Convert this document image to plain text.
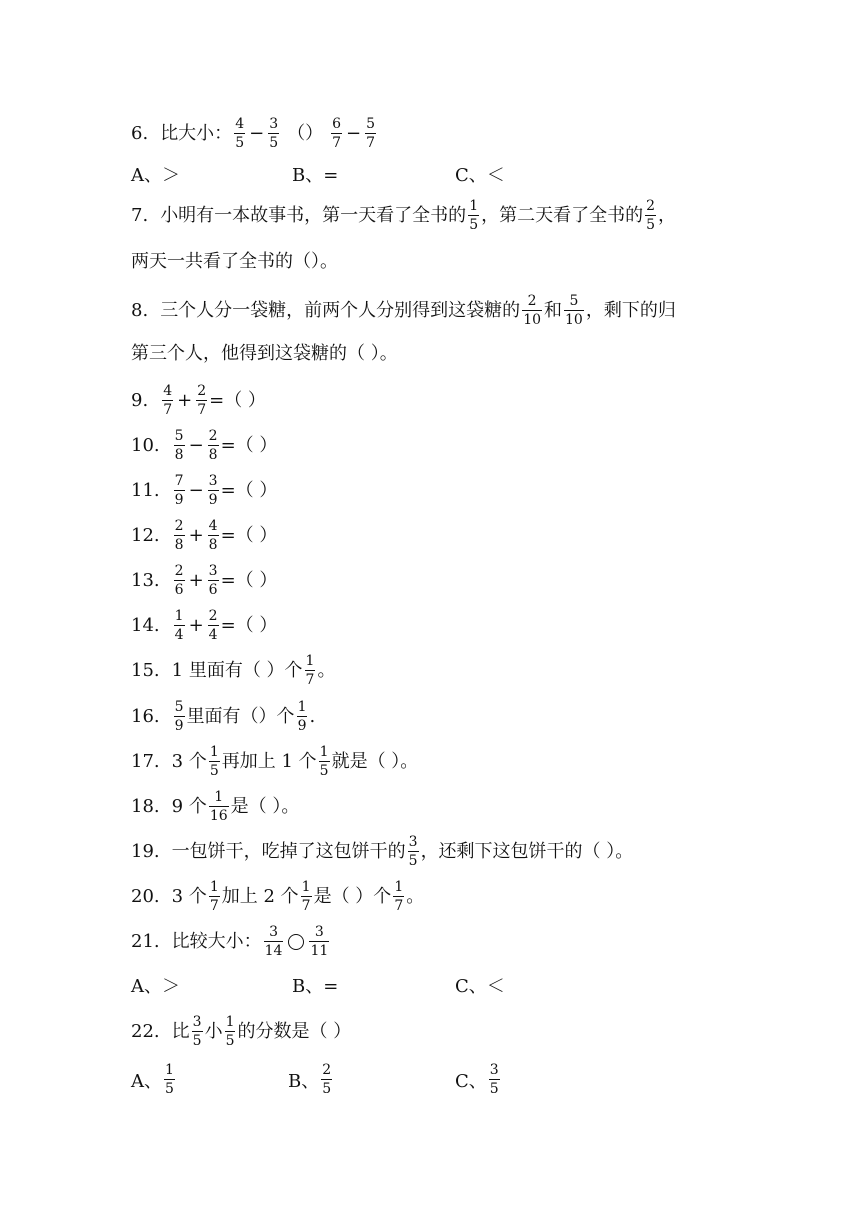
6. 比大小： $\frac{4}{5} - \frac{3}{5}$ （） $\frac{6}{7} - \frac{5}{7}$
A、＞	B、=	C、＜
7. 小明有一本故事书，第一天看了全书的 $\frac{1}{5}$ ，第二天看了全书的 $\frac{2}{5}$ ，
两天一共看了全书的（）。
8. 三个人分一袋糖，前两个人分别得到这袋糖的 $\frac{2}{10}$ 和 $\frac{5}{10}$ ，剩下的归
第三个人，他得到这袋糖的（ ）。
9. $\frac{4}{7} + \frac{2}{7}$ =（ ）
10. $\frac{5}{8} - \frac{2}{8}$ =（ ）
11. $\frac{7}{9} - \frac{3}{9}$ =（ ）
12. $\frac{2}{8} + \frac{4}{8}$ =（ ）
13. $\frac{2}{6} + \frac{3}{6}$ =（ ）
14. $\frac{1}{4} + \frac{2}{4}$ =（ ）
15. 1 里面有（ ）个 $\frac{1}{7}$ 。
16. $\frac{5}{9}$ 里面有（）个 $\frac{1}{9}$ .
17. 3 个 $\frac{1}{5}$ 再加上 1 个 $\frac{1}{5}$ 就是（ ）。
18. 9 个 $\frac{1}{16}$ 是（ ）。
19. 一包饼干，吃掉了这包饼干的 $\frac{3}{5}$ ，还剩下这包饼干的（ ）。
20. 3 个 $\frac{1}{7}$ 加上 2 个 $\frac{1}{7}$ 是（ ）个 $\frac{1}{7}$ 。
21. 比较大小： $\frac{3}{14} \frac{3}{11}$
A、＞	B、=	C、＜
22. 比 $\frac{3}{5}$ 小 $\frac{1}{5}$ 的分数是（ ）
A、 $\frac{1}{5}$	B、 $\frac{2}{5}$	C、 $\frac{3}{5}$
